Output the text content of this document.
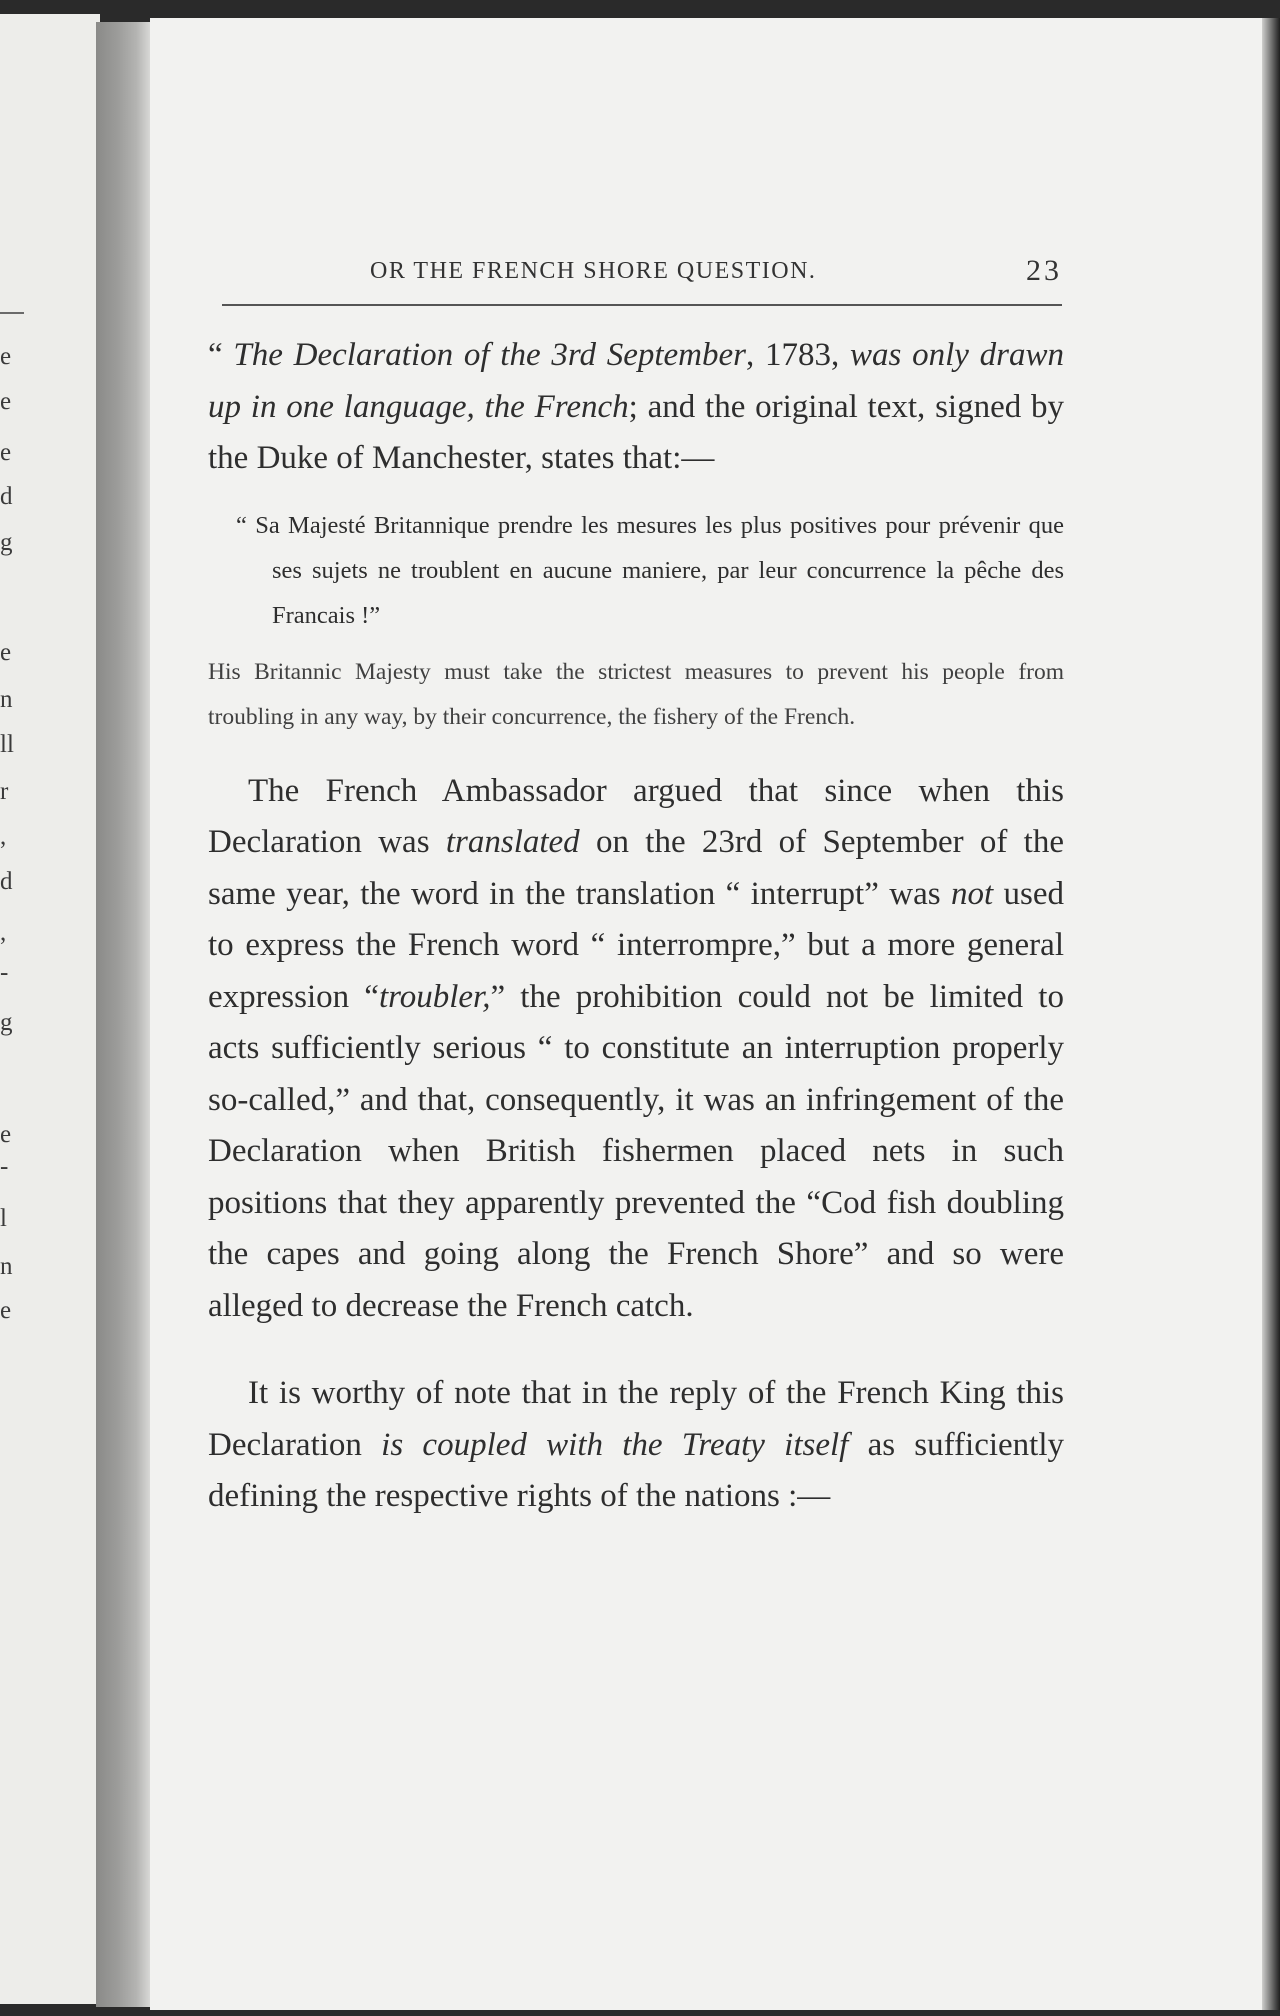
e
e
e
d
g
e
n
ll
r
,
d
,
-
g
e
-
l
n
e
OR THE FRENCH SHORE QUESTION.	23

“ The Declaration of the 3rd September, 1783, was only drawn up in one language, the French; and the original text, signed by the Duke of Manchester, states that:—

“ Sa Majesté Britannique prendre les mesures les plus positives pour prévenir que ses sujets ne troublent en aucune maniere, par leur concurrence la pêche des Francais !”

His Britannic Majesty must take the strictest measures to prevent his people from troubling in any way, by their concurrence, the fishery of the French.

The French Ambassador argued that since when this Declaration was translated on the 23rd of September of the same year, the word in the translation “ interrupt” was not used to express the French word “ interrompre,” but a more general expression “troubler,” the prohibition could not be limited to acts sufficiently serious “ to constitute an interruption properly so-called,” and that, consequently, it was an infringement of the Declaration when British fishermen placed nets in such positions that they apparently prevented the “Cod fish doubling the capes and going along the French Shore” and so were alleged to decrease the French catch.

It is worthy of note that in the reply of the French King this Declaration is coupled with the Treaty itself as sufficiently defining the respective rights of the nations :—
